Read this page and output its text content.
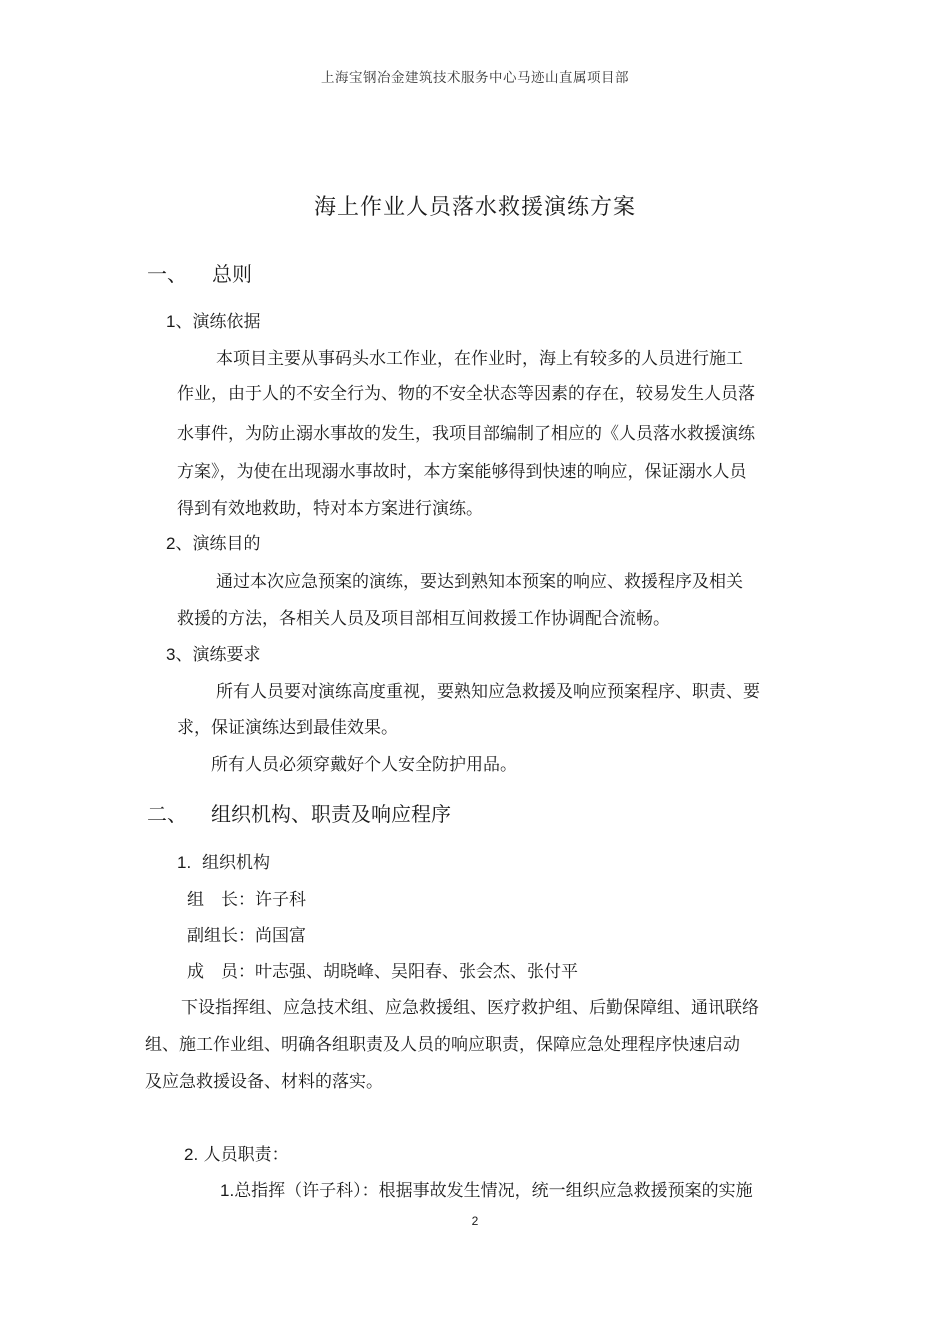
上海宝钢冶金建筑技术服务中心马迹山直属项目部
海上作业人员落水救援演练方案
一、 总则
1、演练依据
本项目主要从事码头水工作业，在作业时，海上有较多的人员进行施工
作业，由于人的不安全行为、物的不安全状态等因素的存在，较易发生人员落
水事件，为防止溺水事故的发生，我项目部编制了相应的《人员落水救援演练
方案》，为使在出现溺水事故时，本方案能够得到快速的响应，保证溺水人员
得到有效地救助，特对本方案进行演练。
2、演练目的
通过本次应急预案的演练，要达到熟知本预案的响应、救援程序及相关
救援的方法，各相关人员及项目部相互间救援工作协调配合流畅。
3、演练要求
所有人员要对演练高度重视，要熟知应急救援及响应预案程序、职责、要
求，保证演练达到最佳效果。
所有人员必须穿戴好个人安全防护用品。
二、 组织机构、职责及响应程序
1. 组织机构
组　长：许子科
副组长：尚国富
成　员：叶志强、胡晓峰、吴阳春、张会杰、张付平
下设指挥组、应急技术组、应急救援组、医疗救护组、后勤保障组、通讯联络
组、施工作业组、明确各组职责及人员的响应职责，保障应急处理程序快速启动
及应急救援设备、材料的落实。
2. 人员职责：
1.总指挥（许子科）：根据事故发生情况，统一组织应急救援预案的实施
2
